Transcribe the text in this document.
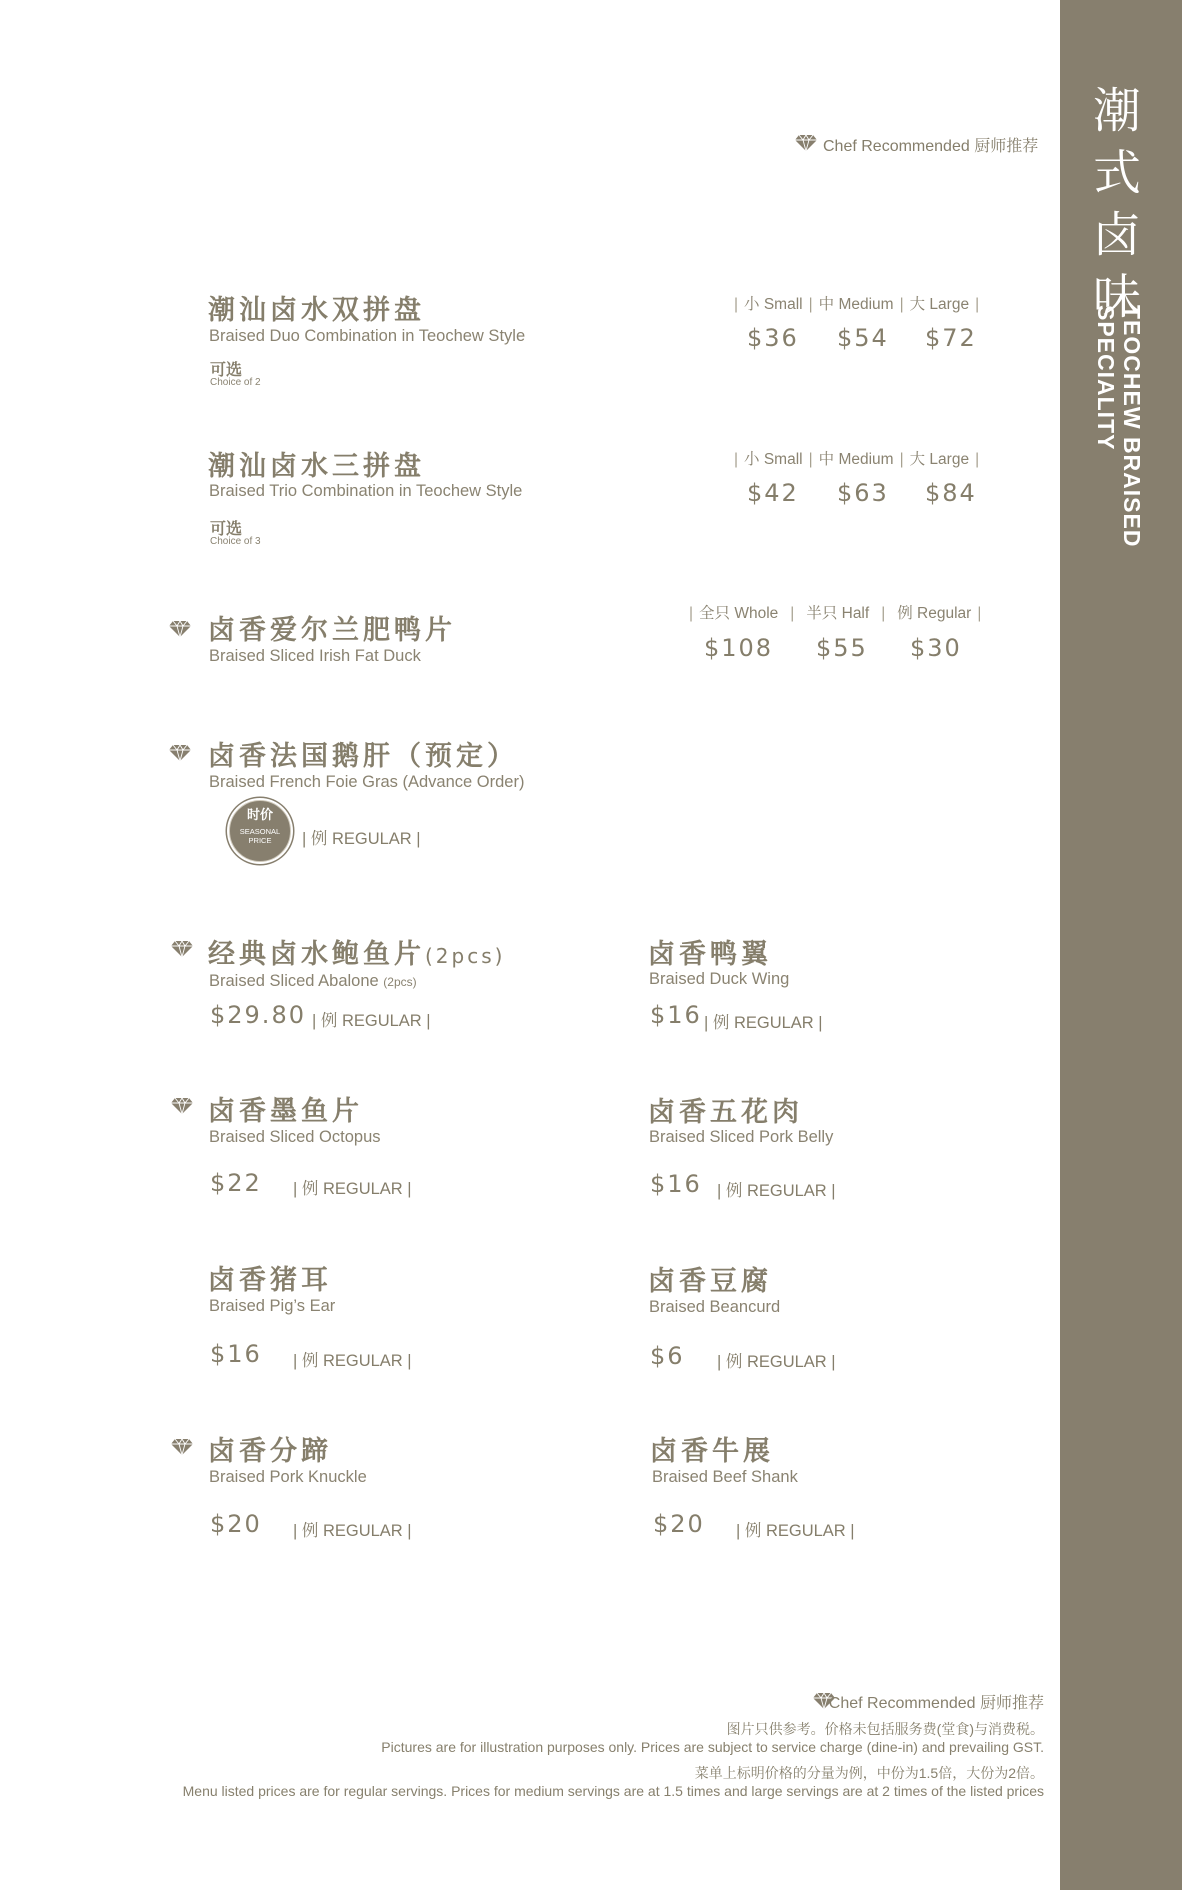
潮
式
卤
味
TEOCHEW BRAISED
SPECIALITY
Chef Recommended 厨师推荐
潮汕卤水双拼盘
Braised Duo Combination in Teochew Style
可选
Choice of 2
| 小 Small | 中 Medium | 大 Large |
$36 $54 $72
潮汕卤水三拼盘
Braised Trio Combination in Teochew Style
可选
Choice of 3
| 小 Small | 中 Medium | 大 Large |
$42 $63 $84
卤香爱尔兰肥鸭片
Braised Sliced Irish Fat Duck
| 全只 Whole | 半只 Half | 例 Regular |
$108 $55 $30
卤香法国鹅肝（预定）
Braised French Foie Gras (Advance Order)
时价
SEASONAL
PRICE	| 例 REGULAR |
经典卤水鲍鱼片(2pcs)
Braised Sliced Abalone (2pcs)
$29.80 | 例 REGULAR |
卤香鸭翼
Braised Duck Wing
$16 | 例 REGULAR |
卤香墨鱼片
Braised Sliced Octopus
$22 | 例 REGULAR |
卤香五花肉
Braised Sliced Pork Belly
$16 | 例 REGULAR |
卤香猪耳
Braised Pig’s Ear
$16 | 例 REGULAR |
卤香豆腐
Braised Beancurd
$6 | 例 REGULAR |
卤香分蹄
Braised Pork Knuckle
$20 | 例 REGULAR |
卤香牛展
Braised Beef Shank
$20 | 例 REGULAR |
Chef Recommended 厨师推荐
图片只供参考。价格未包括服务费(堂食)与消费税。
Pictures are for illustration purposes only. Prices are subject to service charge (dine-in) and prevailing GST.
菜单上标明价格的分量为例，中份为1.5倍，大份为2倍。
Menu listed prices are for regular servings. Prices for medium servings are at 1.5 times and large servings are at 2 times of the listed prices
